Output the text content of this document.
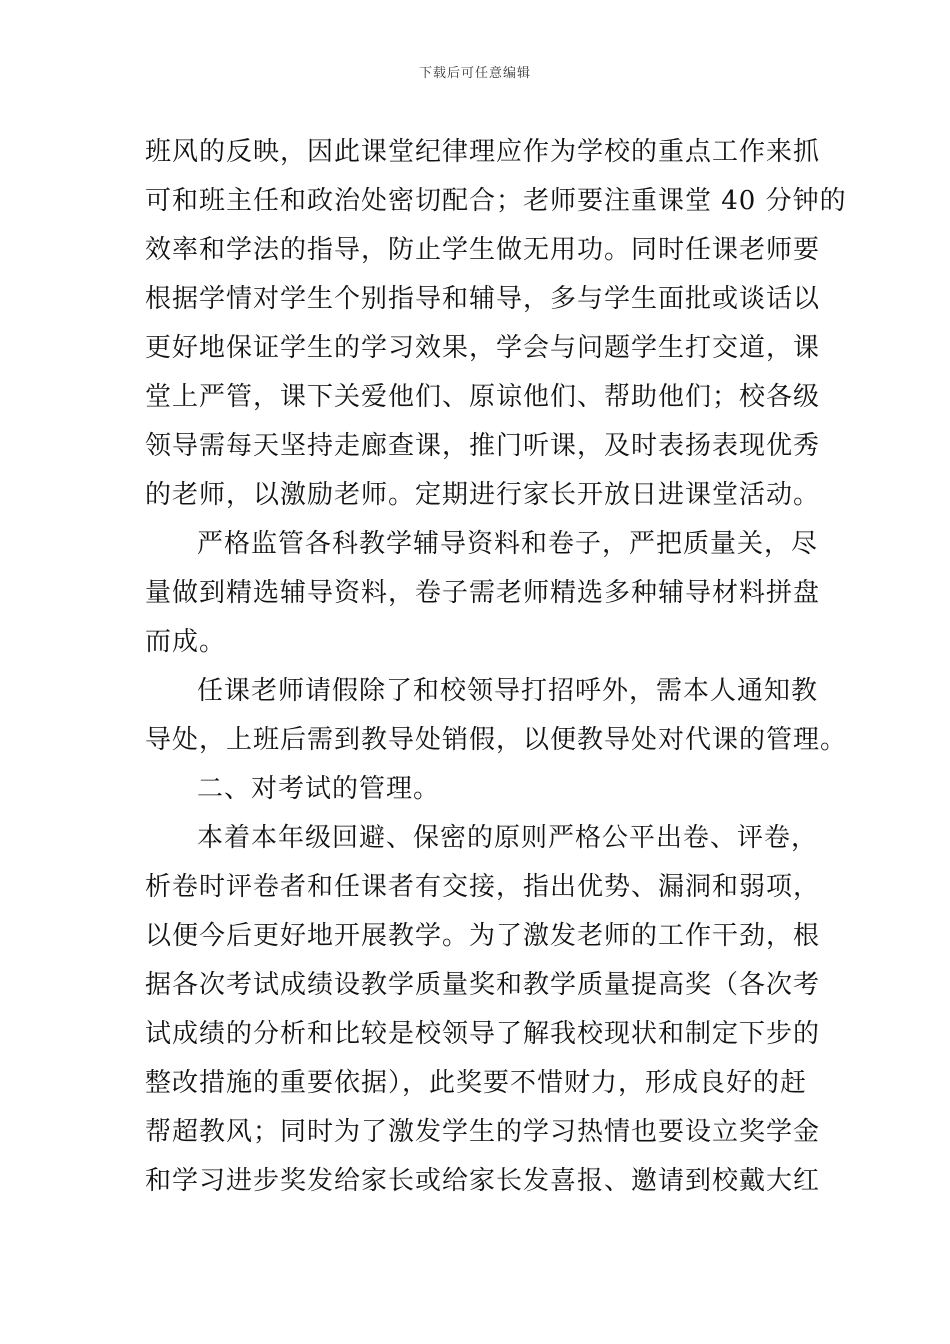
下载后可任意编辑
班风的反映，因此课堂纪律理应作为学校的重点工作来抓
可和班主任和政治处密切配合；老师要注重课堂 40 分钟的
效率和学法的指导，防止学生做无用功。同时任课老师要
根据学情对学生个别指导和辅导，多与学生面批或谈话以
更好地保证学生的学习效果，学会与问题学生打交道，课
堂上严管，课下关爱他们、原谅他们、帮助他们；校各级
领导需每天坚持走廊查课，推门听课，及时表扬表现优秀
的老师，以激励老师。定期进行家长开放日进课堂活动。
严格监管各科教学辅导资料和卷子，严把质量关，尽
量做到精选辅导资料，卷子需老师精选多种辅导材料拼盘
而成。
任课老师请假除了和校领导打招呼外，需本人通知教
导处，上班后需到教导处销假，以便教导处对代课的管理。
二、对考试的管理。
本着本年级回避、保密的原则严格公平出卷、评卷，
析卷时评卷者和任课者有交接，指出优势、漏洞和弱项，
以便今后更好地开展教学。为了激发老师的工作干劲，根
据各次考试成绩设教学质量奖和教学质量提高奖（各次考
试成绩的分析和比较是校领导了解我校现状和制定下步的
整改措施的重要依据），此奖要不惜财力，形成良好的赶
帮超教风；同时为了激发学生的学习热情也要设立奖学金
和学习进步奖发给家长或给家长发喜报、邀请到校戴大红
